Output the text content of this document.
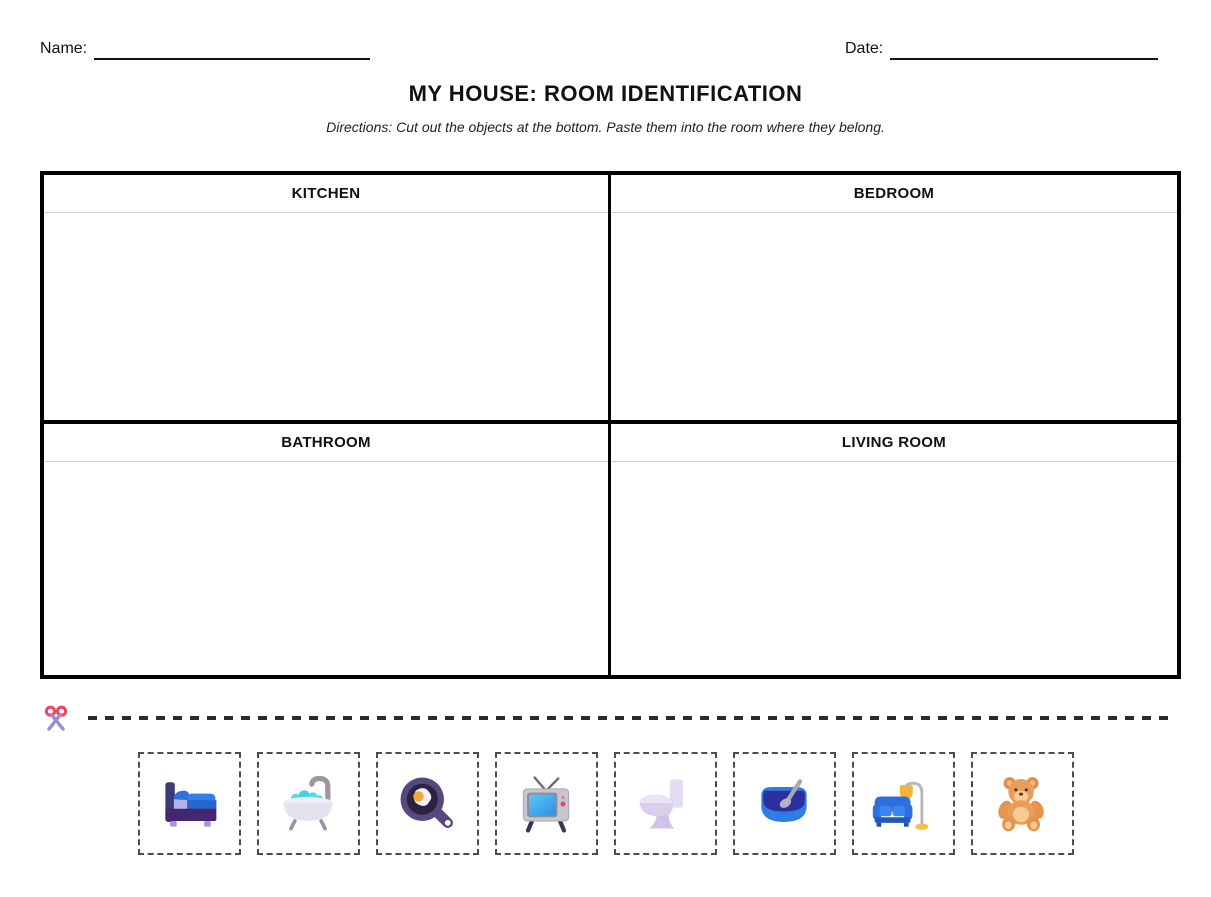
Name:	Date:
MY HOUSE: ROOM IDENTIFICATION
Directions: Cut out the objects at the bottom. Paste them into the room where they belong.
KITCHEN	BEDROOM
BATHROOM	LIVING ROOM
